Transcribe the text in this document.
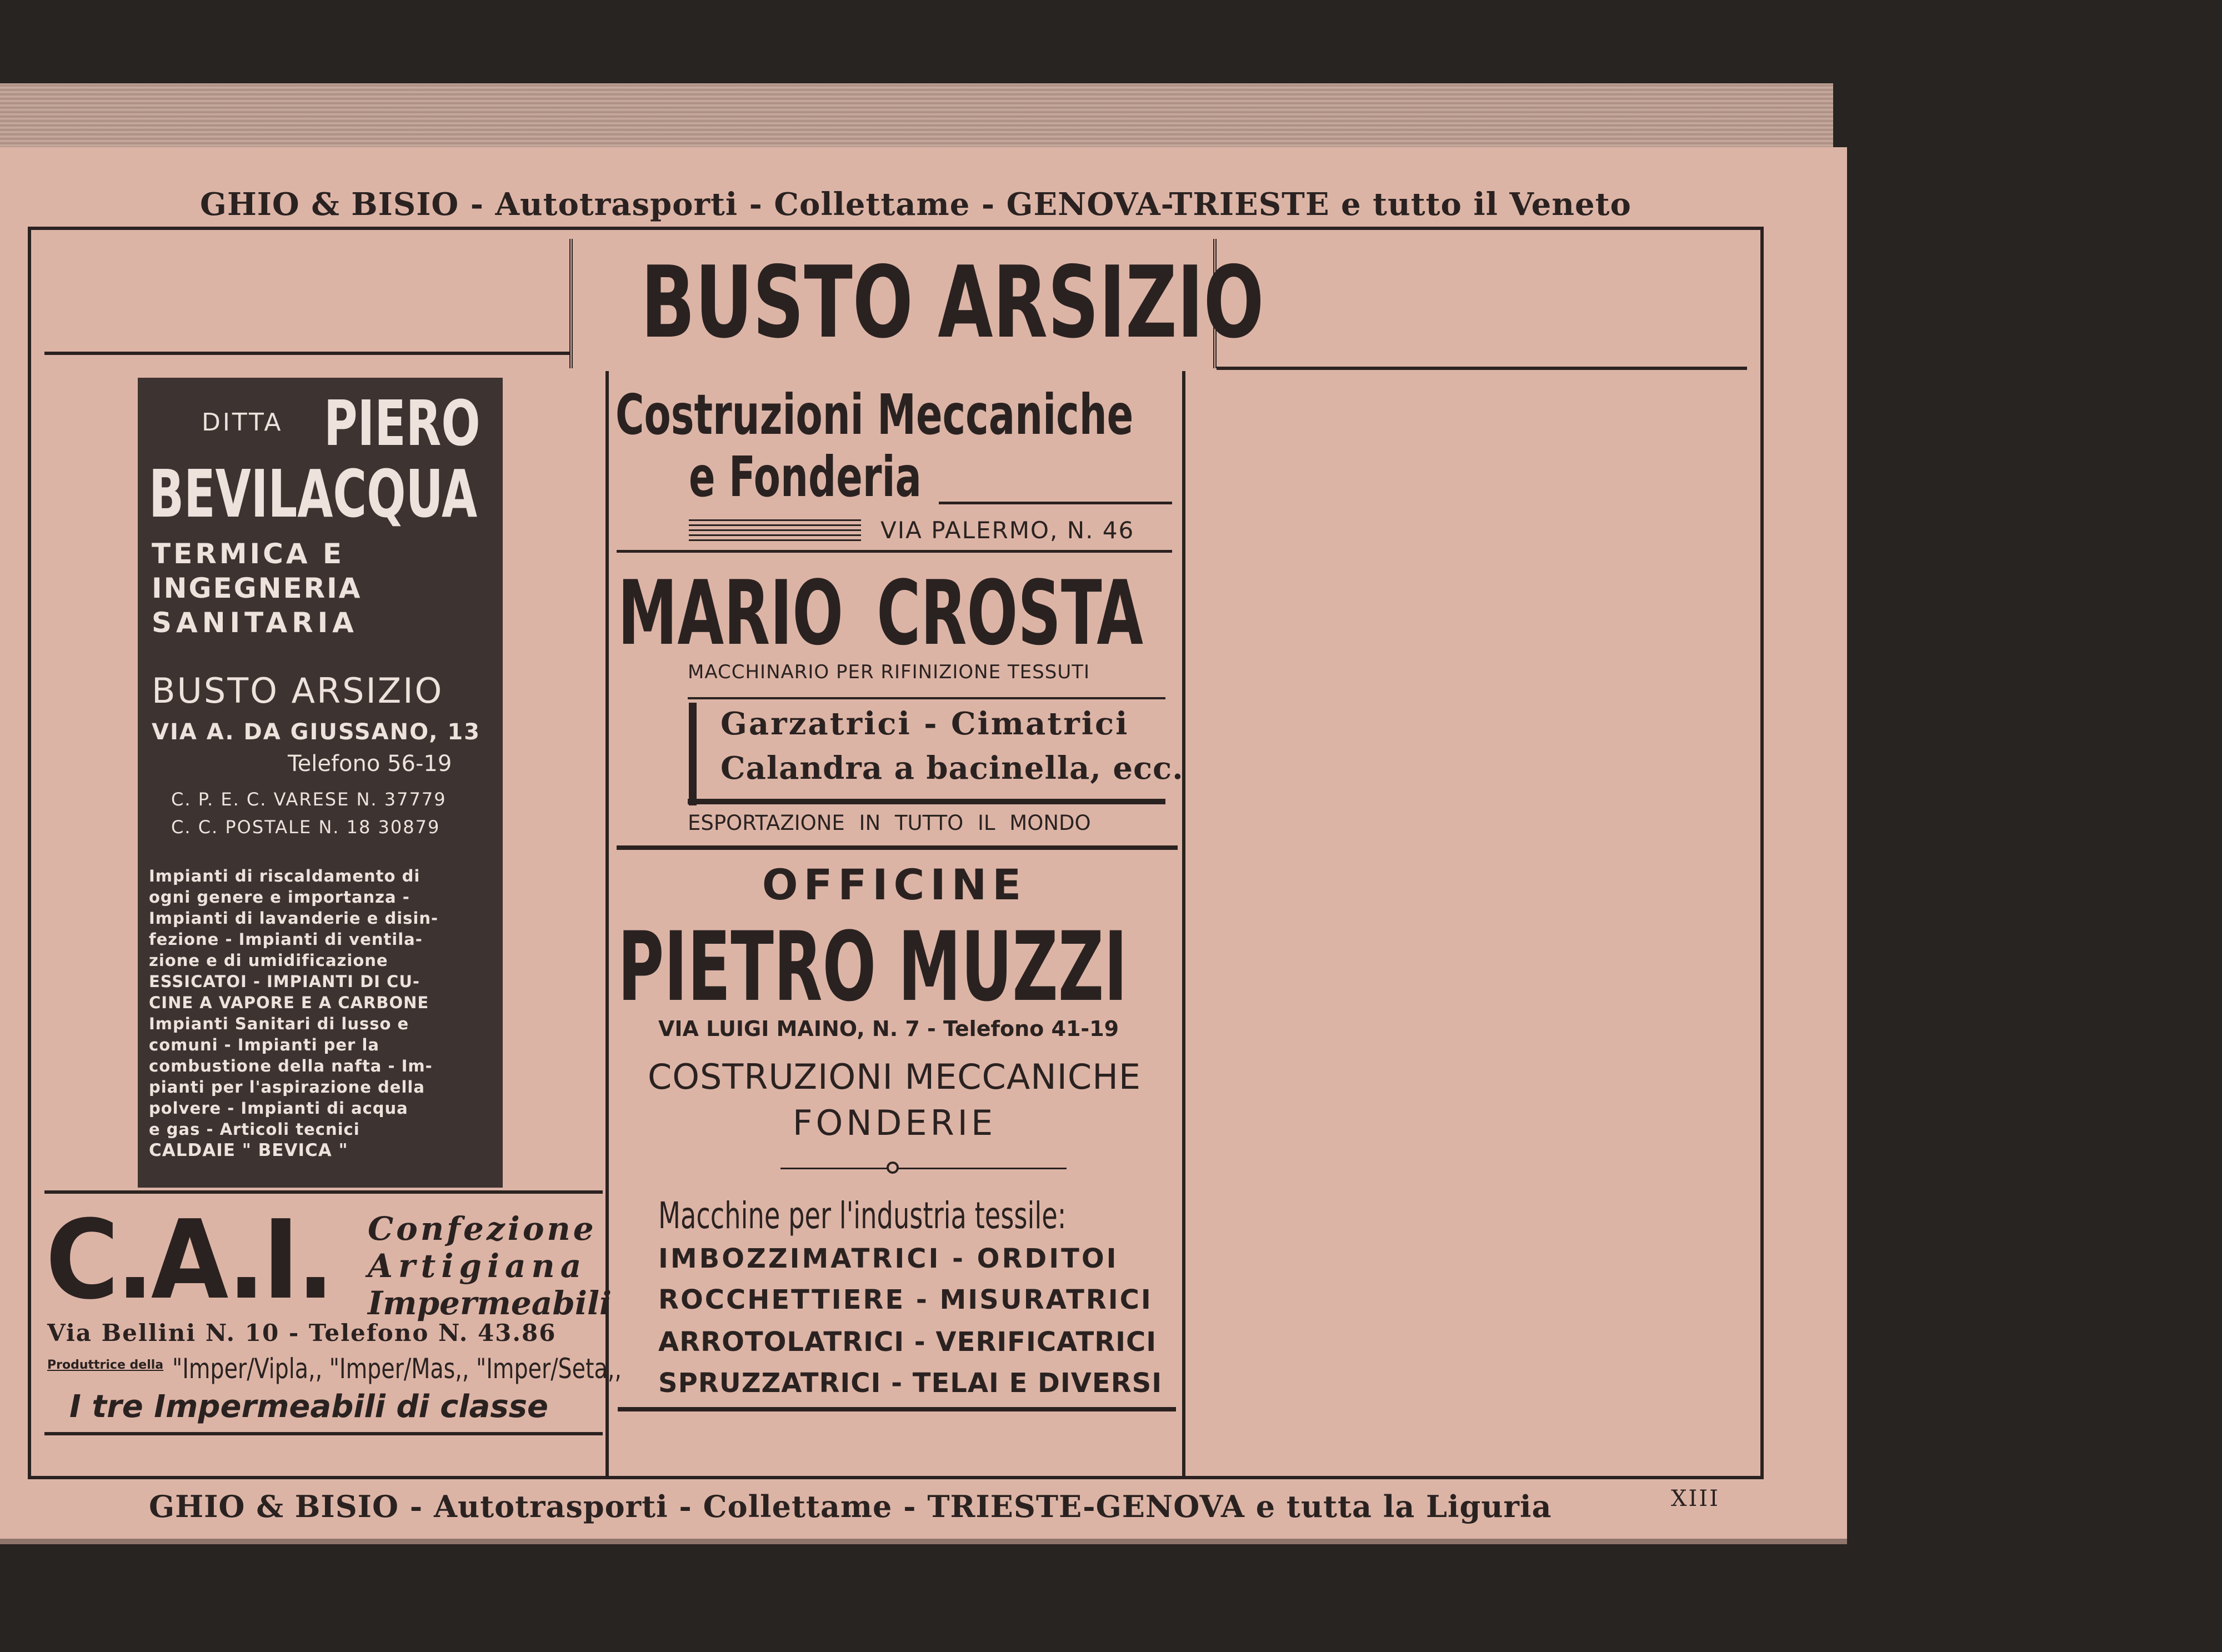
GHIO & BISIO - Autotrasporti - Collettame - GENOVA-TRIESTE e tutto il Veneto
BUSTO ARSIZIO
DITTA PIERO
BEVILACQUA
TERMICA E
INGEGNERIA
SANITARIA
BUSTO ARSIZIO
VIA A. DA GIUSSANO, 13
Telefono 56-19
C. P. E. C. VARESE N. 37779
C. C. POSTALE N. 18 30879
Impianti di riscaldamento di
ogni genere e importanza -
Impianti di lavanderie e disin-
fezione - Impianti di ventila-
zione e di umidificazione
ESSICATOI - IMPIANTI DI CU-
CINE A VAPORE E A CARBONE
Impianti Sanitari di lusso e
comuni - Impianti per la
combustione della nafta - Im-
pianti per l'aspirazione della
polvere - Impianti di acqua
e gas - Articoli tecnici
CALDAIE " BEVICA "
C.A.I. Confezione
Artigiana
Impermeabili
Via Bellini N. 10 - Telefono N. 43.86
Produttrice della "Imper/Vipla,, "Imper/Mas,, "Imper/Seta,,
I tre Impermeabili di classe
Costruzioni Meccaniche
e Fonderia
VIA PALERMO, N. 46
MARIO CROSTA
MACCHINARIO PER RIFINIZIONE TESSUTI
Garzatrici - Cimatrici
Calandra a bacinella, ecc.
ESPORTAZIONE IN TUTTO IL MONDO
OFFICINE
PIETRO MUZZI
VIA LUIGI MAINO, N. 7 - Telefono 41-19
COSTRUZIONI MECCANICHE
FONDERIE
Macchine per l'industria tessile:
IMBOZZIMATRICI - ORDITOI
ROCCHETTIERE - MISURATRICI
ARROTOLATRICI - VERIFICATRICI
SPRUZZATRICI - TELAI E DIVERSI
GHIO & BISIO - Autotrasporti - Collettame - TRIESTE-GENOVA e tutta la Liguria	XIII
